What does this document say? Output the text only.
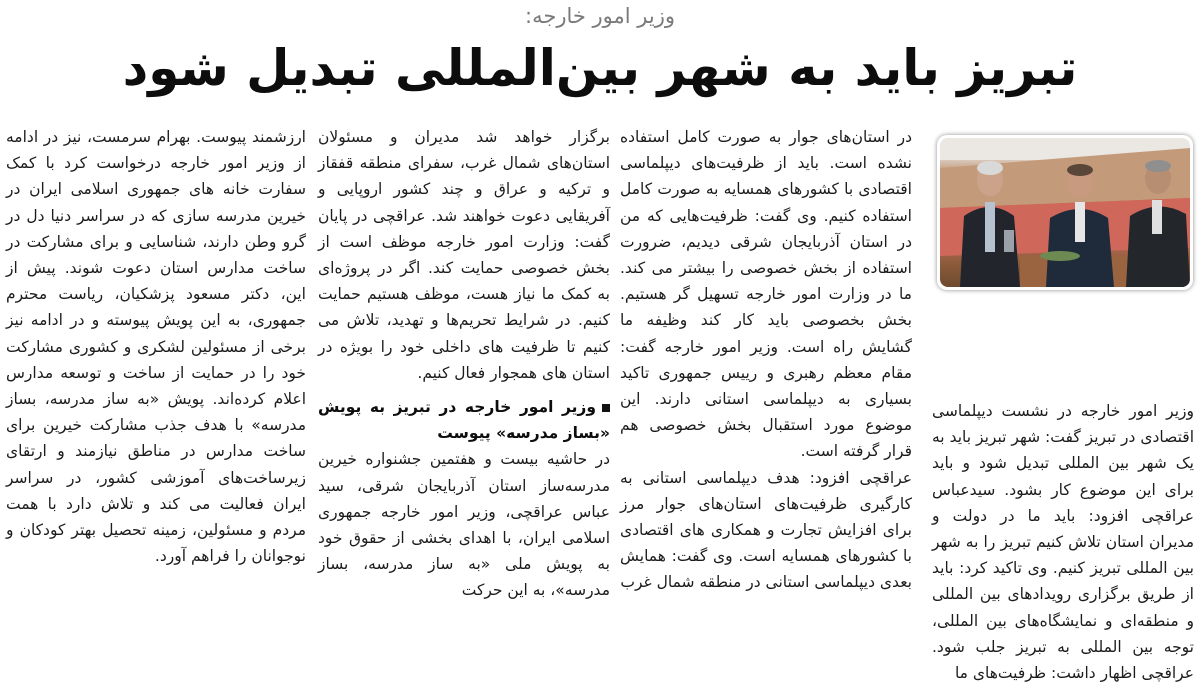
وزیر امور خارجه:
تبریز باید به شهر بین‌المللی تبدیل شود

وزیر امور خارجه در نشست دیپلماسی اقتصادی در تبریز گفت: شهر تبریز باید به یک شهر بین المللی تبدیل شود و باید برای این موضوع کار بشود. سیدعباس عراقچی افزود: باید ما در دولت و مدیران استان تلاش کنیم تبریز را به شهر بین المللی تبریز کنیم. وی تاکید کرد: باید از طریق برگزاری رویدادهای بین المللی و منطقه‌ای و نمایشگاه‌های بین المللی، توجه بین المللی به تبریز جلب شود. عراقچی اظهار داشت: ظرفیت‌های ما

در استان‌های جوار به صورت کامل استفاده نشده است. باید از ظرفیت‌های دیپلماسی اقتصادی با کشورهای همسایه به صورت کامل استفاده کنیم. وی گفت: ظرفیت‌هایی که من در استان آذربایجان شرقی دیدیم، ضرورت استفاده از بخش خصوصی را بیشتر می کند. ما در وزارت امور خارجه تسهیل گر هستیم. بخش بخصوصی باید کار کند وظیفه ما گشایش راه است. وزیر امور خارجه گفت: مقام معظم رهبری و رییس جمهوری تاکید بسیاری به دیپلماسی استانی دارند. این موضوع مورد استقبال بخش خصوصی هم قرار گرفته است.

عراقچی افزود: هدف دیپلماسی استانی به کارگیری ظرفیت‌های استان‌های جوار مرز برای افزایش تجارت و همکاری های اقتصادی با کشورهای همسایه است. وی گفت: همایش بعدی دیپلماسی استانی در منطقه شمال غرب

برگزار خواهد شد مدیران و مسئولان استان‌های شمال غرب، سفرای منطقه قفقاز و ترکیه و عراق و چند کشور اروپایی و آفریقایی دعوت خواهند شد. عراقچی در پایان گفت: وزارت امور خارجه موظف است از بخش خصوصی حمایت کند. اگر در پروژه‌ای به کمک ما نیاز هست، موظف هستیم حمایت کنیم. در شرایط تحریم‌ها و تهدید، تلاش می کنیم تا ظرفیت های داخلی خود را بویژه در استان های همجوار فعال کنیم.

وزیر امور خارجه در تبریز به پویش «بساز مدرسه» پیوست

در حاشیه بیست و هفتمین جشنواره خیرین مدرسه‌ساز استان آذربایجان شرقی، سید عباس عراقچی، وزیر امور خارجه جمهوری اسلامی ایران، با اهدای بخشی از حقوق خود به پویش ملی «به ساز مدرسه، بساز مدرسه»، به این حرکت

ارزشمند پیوست. بهرام سرمست، نیز در ادامه از وزیر امور خارجه درخواست کرد با کمک سفارت خانه های جمهوری اسلامی ایران در خیرین مدرسه سازی که در سراسر دنیا دل در گرو وطن دارند، شناسایی و برای مشارکت در ساخت مدارس استان دعوت شوند. پیش از این، دکتر مسعود پزشکیان، ریاست محترم جمهوری، به این پویش پیوسته و در ادامه نیز برخی از مسئولین لشکری و کشوری مشارکت خود را در حمایت از ساخت و توسعه مدارس اعلام کرده‌اند. پویش «به ساز مدرسه، بساز مدرسه» با هدف جذب مشارکت خیرین برای ساخت مدارس در مناطق نیازمند و ارتقای زیرساخت‌های آموزشی کشور، در سراسر ایران فعالیت می کند و تلاش دارد با همت مردم و مسئولین، زمینه تحصیل بهتر کودکان و نوجوانان را فراهم آورد.
